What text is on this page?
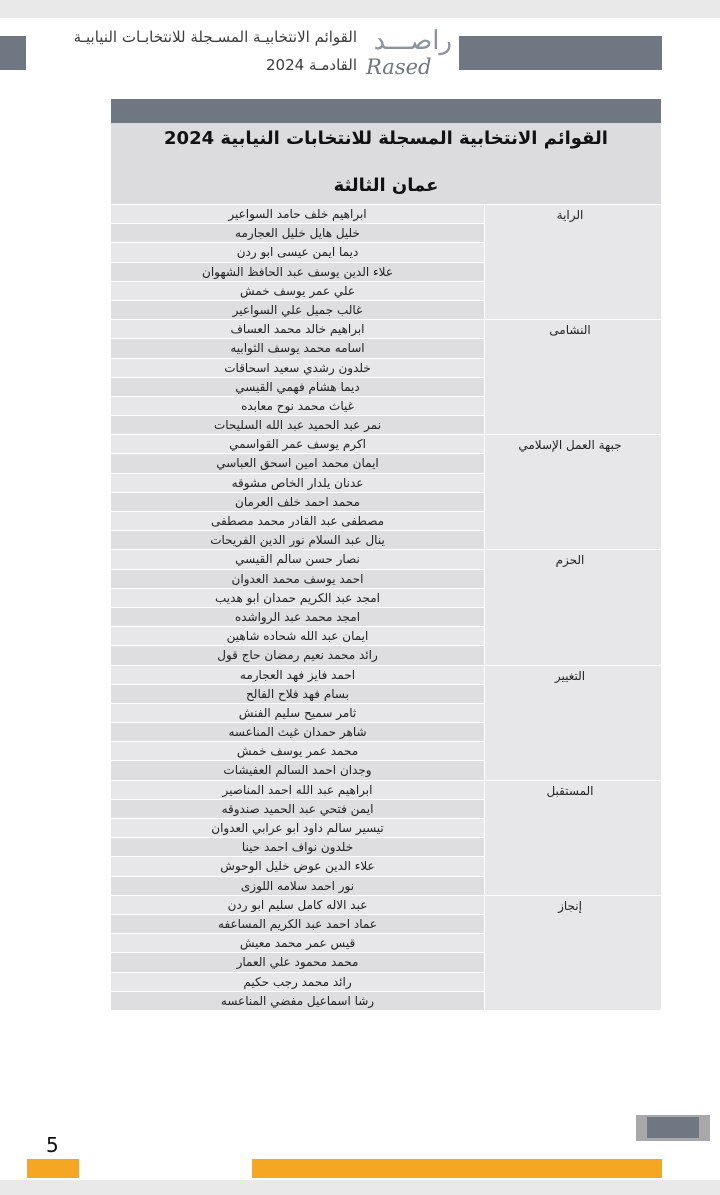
القوائم الانتخابيـة المسـجلة للانتخابـات النيابيـة
القادمـة 2024
راصـــد
Rased
القوائم الانتخابية المسجلة للانتخابات النيابية 2024
عمان الثالثة
الراية
ابراهيم خلف حامد السواعير
خليل هايل خليل العجارمه
ديما ايمن عيسى ابو ردن
علاء الدين يوسف عبد الحافظ الشهوان
علي عمر يوسف خمش
غالب جميل علي السواعير
النشامى
ابراهيم خالد محمد العساف
اسامه محمد يوسف الثوابيه
خلدون رشدي سعيد اسحاقات
ديما هشام فهمي القيسي
غياث محمد نوح معابده
نمر عبد الحميد عبد الله السليحات
جبهة العمل الإسلامي
اكرم يوسف عمر القواسمي
ايمان محمد امين اسحق العباسي
عدنان يلدار الخاص مشوقه
محمد احمد خلف العرمان
مصطفى عبد القادر محمد مصطفى
ينال عبد السلام نور الدين الفريحات
الحزم
نصار حسن سالم القيسي
احمد يوسف محمد العدوان
امجد عبد الكريم حمدان ابو هديب
امجد محمد عبد الرواشده
ايمان عبد الله شحاده شاهين
رائد محمد نعيم رمضان حاج قول
التغيير
احمد فايز فهد العجارمه
بسام فهد فلاح الفالح
ثامر سميح سليم الفنش
شاهر حمدان غيث المناعسه
محمد عمر يوسف خمش
وجدان احمد السالم العفيشات
المستقبل
ابراهيم عبد الله احمد المناصير
ايمن فتحي عبد الحميد صندوقه
تيسير سالم داود ابو عرابي العدوان
خلدون نواف احمد حينا
علاء الدين عوض خليل الوحوش
نور احمد سلامه اللوزى
إنجاز
عبد الاله كامل سليم ابو ردن
عماد احمد عبد الكريم المساعفه
قيس عمر محمد معيش
محمد محمود علي العمار
رائد محمد رجب حكيم
رشا اسماعيل مفضي المناعسه
5
